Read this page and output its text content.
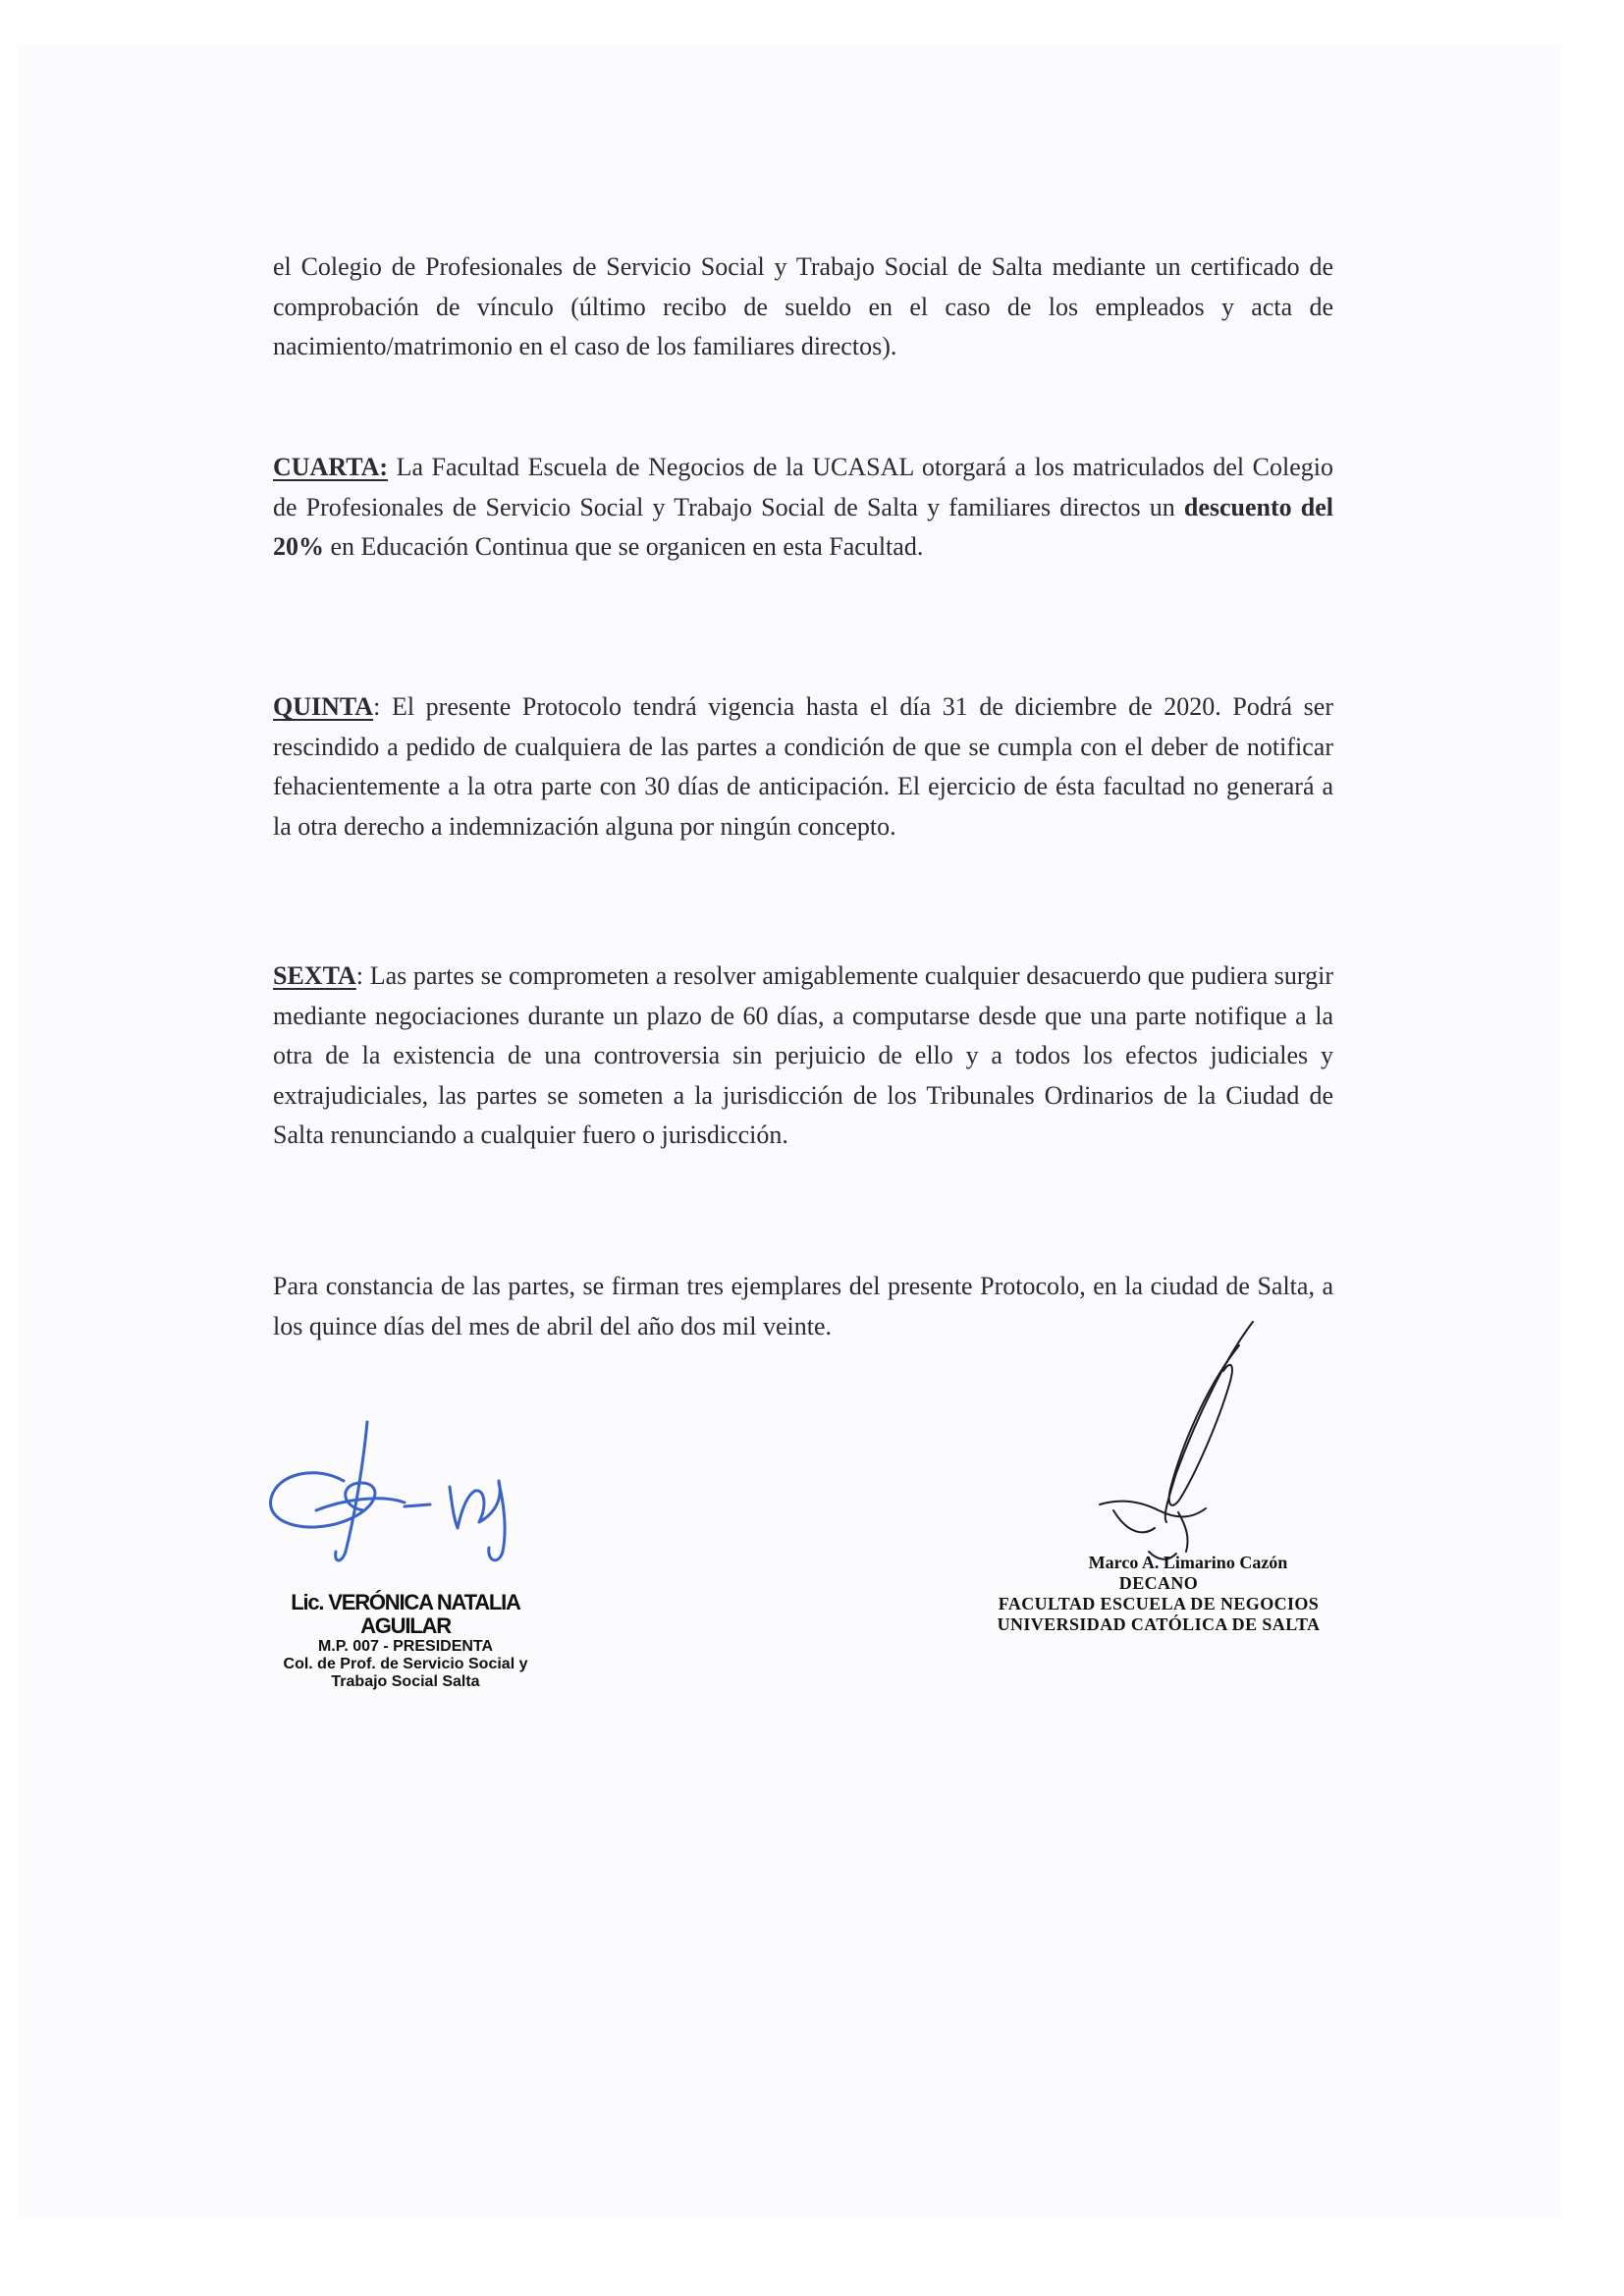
el Colegio de Profesionales de Servicio Social y Trabajo Social de Salta mediante un certificado de comprobación de vínculo (último recibo de sueldo en el caso de los empleados y acta de nacimiento/matrimonio en el caso de los familiares directos).

CUARTA: La Facultad Escuela de Negocios de la UCASAL otorgará a los matriculados del Colegio de Profesionales de Servicio Social y Trabajo Social de Salta y familiares directos un descuento del 20% en Educación Continua que se organicen en esta Facultad.

QUINTA: El presente Protocolo tendrá vigencia hasta el día 31 de diciembre de 2020. Podrá ser rescindido a pedido de cualquiera de las partes a condición de que se cumpla con el deber de notificar fehacientemente a la otra parte con 30 días de anticipación. El ejercicio de ésta facultad no generará a la otra derecho a indemnización alguna por ningún concepto.

SEXTA: Las partes se comprometen a resolver amigablemente cualquier desacuerdo que pudiera surgir mediante negociaciones durante un plazo de 60 días, a computarse desde que una parte notifique a la otra de la existencia de una controversia sin perjuicio de ello y a todos los efectos judiciales y extrajudiciales, las partes se someten a la jurisdicción de los Tribunales Ordinarios de la Ciudad de Salta renunciando a cualquier fuero o jurisdicción.

Para constancia de las partes, se firman tres ejemplares del presente Protocolo, en la ciudad de Salta, a los quince días del mes de abril del año dos mil veinte.

Lic. VERÓNICA NATALIA AGUILAR
M.P. 007 - PRESIDENTA
Col. de Prof. de Servicio Social y
Trabajo Social Salta
Marco A. Limarino Cazón
DECANO
FACULTAD ESCUELA DE NEGOCIOS
UNIVERSIDAD CATÓLICA DE SALTA
